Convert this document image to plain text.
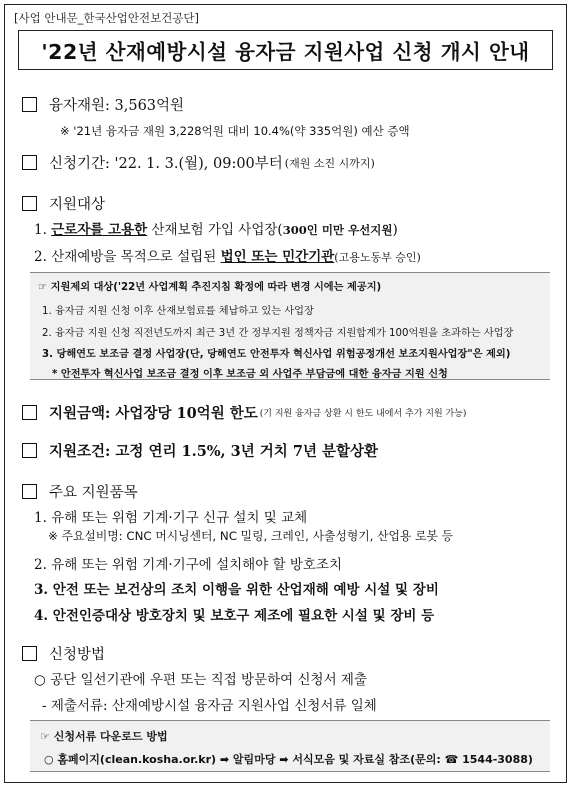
[사업 안내문_한국산업안전보건공단]
'22년 산재예방시설 융자금 지원사업 신청 개시 안내
융자재원: 3,563억원
※ '21년 융자금 재원 3,228억원 대비 10.4%(약 335억원) 예산 증액
신청기간: '22. 1. 3.(월), 09:00부터 (재원 소진 시까지)
지원대상
1. 근로자를 고용한 산재보험 가입 사업장(300인 미만 우선지원)
2. 산재예방을 목적으로 설립된 법인 또는 민간기관(고용노동부 승인)
☞ 지원제외 대상('22년 사업계획 추진지침 확정에 따라 변경 시에는 제공지)
1. 융자금 지원 신청 이후 산재보험료를 체납하고 있는 사업장
2. 융자금 지원 신청 직전년도까지 최근 3년 간 정부지원 정책자금 지원합계가 100억원을 초과하는 사업장
3. 당해연도 보조금 결정 사업장(단, 당해연도 안전투자 혁신사업 위험공정개선 보조지원사업장"은 제외)
* 안전투자 혁신사업 보조금 결정 이후 보조금 외 사업주 부담금에 대한 융자금 지원 신청
지원금액: 사업장당 10억원 한도 (기 지원 융자금 상환 시 한도 내에서 추가 지원 가능)
지원조건: 고정 연리 1.5%, 3년 거치 7년 분할상환
주요 지원품목
1. 유해 또는 위험 기계·기구 신규 설치 및 교체
※ 주요설비명: CNC 머시닝센터, NC 밀링, 크레인, 사출성형기, 산업용 로봇 등
2. 유해 또는 위험 기계·기구에 설치해야 할 방호조치
3. 안전 또는 보건상의 조치 이행을 위한 산업재해 예방 시설 및 장비
4. 안전인증대상 방호장치 및 보호구 제조에 필요한 시설 및 장비 등
신청방법
○ 공단 일선기관에 우편 또는 직접 방문하여 신청서 제출
- 제출서류: 산재예방시설 융자금 지원사업 신청서류 일체
☞ 신청서류 다운로드 방법
○ 홈페이지(clean.kosha.or.kr) ➡ 알림마당 ➡ 서식모음 및 자료실 참조(문의: ☎ 1544-3088)
